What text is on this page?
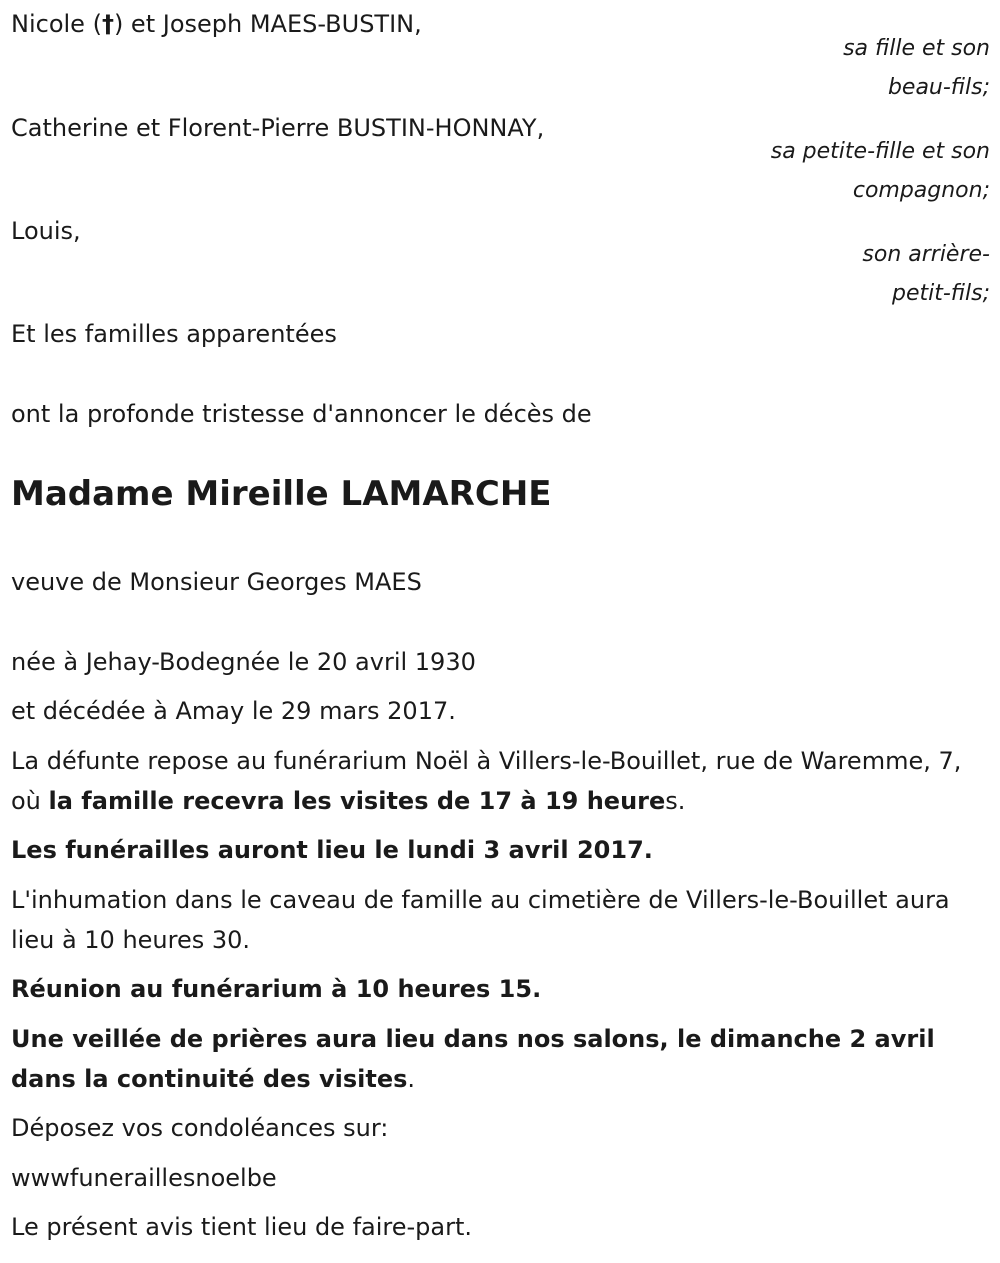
Nicole (†) et Joseph MAES-BUSTIN,
sa fille et son
beau-fils;
Catherine et Florent-Pierre BUSTIN-HONNAY,
sa petite-fille et son
compagnon;
Louis,
son arrière-
petit-fils;
Et les familles apparentées
ont la profonde tristesse d'annoncer le décès de
Madame Mireille LAMARCHE
veuve de Monsieur Georges MAES
née à Jehay-Bodegnée le 20 avril 1930
et décédée à Amay le 29 mars 2017.
La défunte repose au funérarium Noël à Villers-le-Bouillet, rue de Waremme, 7, où la famille recevra les visites de 17 à 19 heures.
Les funérailles auront lieu le lundi 3 avril 2017.
L'inhumation dans le caveau de famille au cimetière de Villers-le-Bouillet aura lieu à 10 heures 30.
Réunion au funérarium à 10 heures 15.
Une veillée de prières aura lieu dans nos salons, le dimanche 2 avril dans la continuité des visites.
Déposez vos condoléances sur:
wwwfuneraillesnoelbe
Le présent avis tient lieu de faire-part.
